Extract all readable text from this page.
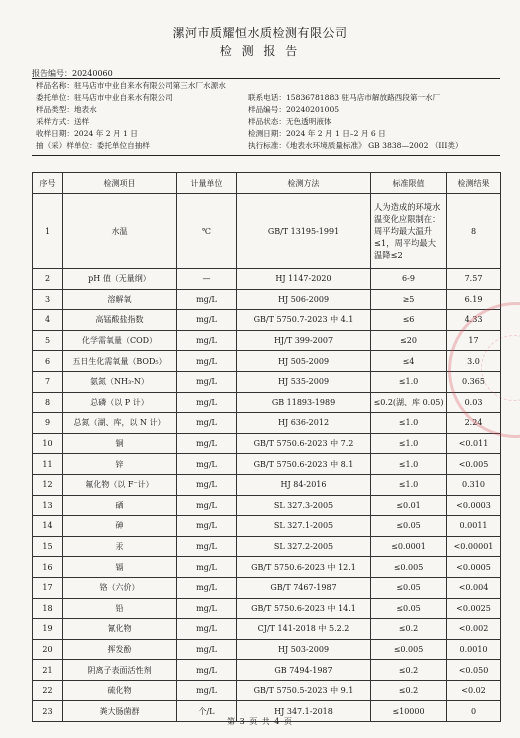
漯河市质耀恒水质检测有限公司
检 测 报 告
报告编号：20240060
样品名称：驻马店市中业自来水有限公司第三水厂水源水
委托单位：驻马店市中业自来水有限公司	联系电话：15836781883 驻马店市解放路西段第一水厂
样品类型：地表水	样品编号：20240201005
采样方式：送样	样品状态：无色透明液体
收样日期：2024 年 2 月 1 日	检测日期：2024 年 2 月 1 日–2 月 6 日
抽（采）样单位：委托单位自抽样	执行标准：《地表水环境质量标准》 GB 3838—2002 （III类）
序号	检测项目	计量单位	检测方法	标准限值	检测结果
1	水温	℃	GB/T 13195-1991	人为造成的环境水温变化应限制在：周平均最大温升≤1，周平均最大温降≤2	8
2	pH 值（无量纲）	—	HJ 1147-2020	6-9	7.57
3	溶解氧	mg/L	HJ 506-2009	≥5	6.19
4	高锰酸盐指数	mg/L	GB/T 5750.7-2023 中 4.1	≤6	4.33
5	化学需氧量（COD）	mg/L	HJ/T 399-2007	≤20	17
6	五日生化需氧量（BOD₅）	mg/L	HJ 505-2009	≤4	3.0
7	氨氮（NH₃-N）	mg/L	HJ 535-2009	≤1.0	0.365
8	总磷（以 P 计）	mg/L	GB 11893-1989	≤0.2(湖、库 0.05)	0.03
9	总氮（湖、库，以 N 计）	mg/L	HJ 636-2012	≤1.0	2.24
10	铜	mg/L	GB/T 5750.6-2023 中 7.2	≤1.0	<0.011
11	锌	mg/L	GB/T 5750.6-2023 中 8.1	≤1.0	<0.005
12	氟化物（以 F⁻计）	mg/L	HJ 84-2016	≤1.0	0.310
13	硒	mg/L	SL 327.3-2005	≤0.01	<0.0003
14	砷	mg/L	SL 327.1-2005	≤0.05	0.0011
15	汞	mg/L	SL 327.2-2005	≤0.0001	<0.00001
16	镉	mg/L	GB/T 5750.6-2023 中 12.1	≤0.005	<0.0005
17	铬（六价）	mg/L	GB/T 7467-1987	≤0.05	<0.004
18	铅	mg/L	GB/T 5750.6-2023 中 14.1	≤0.05	<0.0025
19	氰化物	mg/L	CJ/T 141-2018 中 5.2.2	≤0.2	<0.002
20	挥发酚	mg/L	HJ 503-2009	≤0.005	0.0010
21	阴离子表面活性剂	mg/L	GB 7494-1987	≤0.2	<0.050
22	硫化物	mg/L	GB/T 5750.5-2023 中 9.1	≤0.2	<0.02
23	粪大肠菌群	个/L	HJ 347.1-2018	≤10000	0
第 3 页 共 4 页
